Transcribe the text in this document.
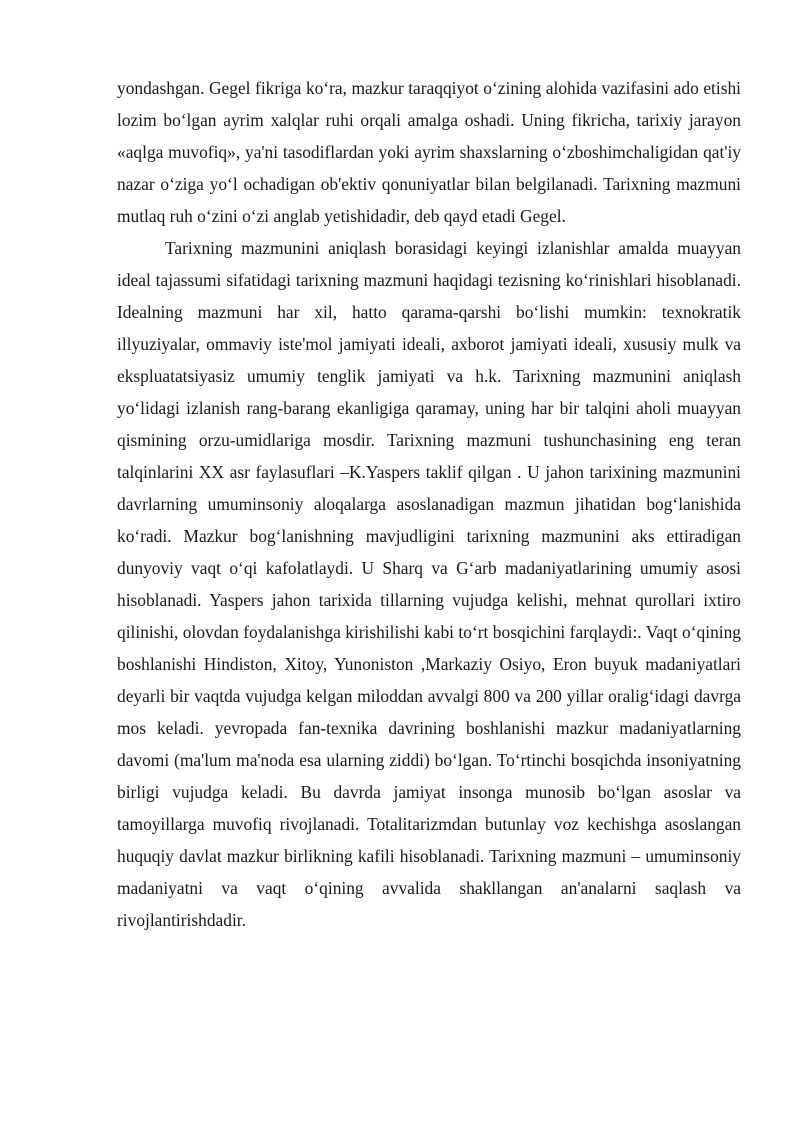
yondashgan. Gegel fikriga ko‘ra, mazkur taraqqiyot o‘zining alohida vazifasini ado etishi lozim bo‘lgan ayrim xalqlar ruhi orqali amalga oshadi. Uning fikricha, tarixiy jarayon «aqlga muvofiq», ya'ni tasodiflardan yoki ayrim shaxslarning o‘zboshimchaligidan qat'iy nazar o‘ziga yo‘l ochadigan ob'ektiv qonuniyatlar bilan belgilanadi. Tarixning mazmuni mutlaq ruh o‘zini o‘zi anglab yetishidadir, deb qayd etadi Gegel.

Tarixning mazmunini aniqlash borasidagi keyingi izlanishlar amalda muayyan ideal tajassumi sifatidagi tarixning mazmuni haqidagi tezisning ko‘rinishlari hisoblanadi. Idealning mazmuni har xil, hatto qarama-qarshi bo‘lishi mumkin: texnokratik illyuziyalar, ommaviy iste'mol jamiyati ideali, axborot jamiyati ideali, xususiy mulk va ekspluatatsiyasiz umumiy tenglik jamiyati va h.k. Tarixning mazmunini aniqlash yo‘lidagi izlanish rang-barang ekanligiga qaramay, uning har bir talqini aholi muayyan qismining orzu-umidlariga mosdir. Tarixning mazmuni tushunchasining eng teran talqinlarini XX asr faylasuflari –K.Yaspers taklif qilgan . U jahon tarixining mazmunini davrlarning umuminsoniy aloqalarga asoslanadigan mazmun jihatidan bog‘lanishida ko‘radi. Mazkur bog‘lanishning mavjudligini tarixning mazmunini aks ettiradigan dunyoviy vaqt o‘qi kafolatlaydi. U Sharq va G‘arb madaniyatlarining umumiy asosi hisoblanadi. Yaspers jahon tarixida tillarning vujudga kelishi, mehnat qurollari ixtiro qilinishi, olovdan foydalanishga kirishilishi kabi to‘rt bosqichini farqlaydi:. Vaqt o‘qining boshlanishi Hindiston, Xitoy, Yunoniston ,Markaziy Osiyo, Eron buyuk madaniyatlari deyarli bir vaqtda vujudga kelgan miloddan avvalgi 800 va 200 yillar oralig‘idagi davrga mos keladi. yevropada fan-texnika davrining boshlanishi mazkur madaniyatlarning davomi (ma'lum ma'noda esa ularning ziddi) bo‘lgan. To‘rtinchi bosqichda insoniyatning birligi vujudga keladi. Bu davrda jamiyat insonga munosib bo‘lgan asoslar va tamoyillarga muvofiq rivojlanadi. Totalitarizmdan butunlay voz kechishga asoslangan huquqiy davlat mazkur birlikning kafili hisoblanadi. Tarixning mazmuni – umuminsoniy madaniyatni va vaqt o‘qining avvalida shakllangan an'analarni saqlash va rivojlantirishdadir.
